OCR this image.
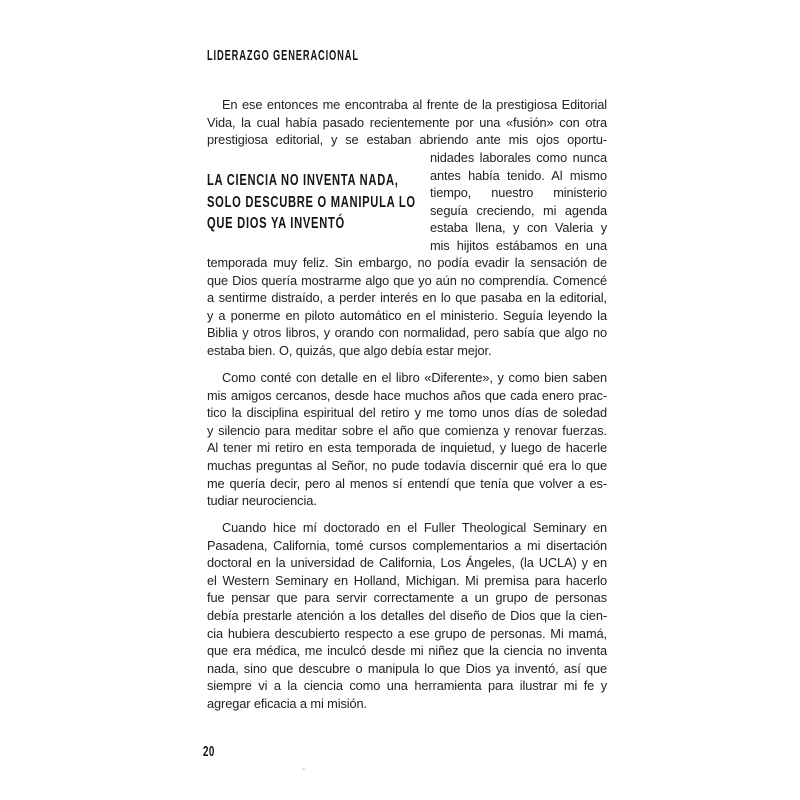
LIDERAZGO GENERACIONAL
En ese entonces me encontraba al frente de la prestigiosa Editorial
Vida, la cual había pasado recientemente por una «fusión» con otra
prestigiosa editorial, y se estaban abriendo ante mis ojos oportu-
LA CIENCIA NO INVENTA NADA,
SOLO DESCUBRE O MANIPULA LO
QUE DIOS YA INVENTÓ
nidades laborales como nunca
antes había tenido. Al mismo
tiempo, nuestro ministerio
seguía creciendo, mi agenda
estaba llena, y con Valeria y
mis hijitos estábamos en una
temporada muy feliz. Sin embargo, no podía evadir la sensación de
que Dios quería mostrarme algo que yo aún no comprendía. Comencé
a sentirme distraído, a perder interés en lo que pasaba en la editorial,
y a ponerme en piloto automático en el ministerio. Seguía leyendo la
Biblia y otros libros, y orando con normalidad, pero sabía que algo no
estaba bien. O, quizás, que algo debía estar mejor.
Como conté con detalle en el libro «Diferente», y como bien saben
mis amigos cercanos, desde hace muchos años que cada enero prac-
tico la disciplina espiritual del retiro y me tomo unos días de soledad
y silencio para meditar sobre el año que comienza y renovar fuerzas.
Al tener mi retiro en esta temporada de inquietud, y luego de hacerle
muchas preguntas al Señor, no pude todavía discernir qué era lo que
me quería decir, pero al menos sí entendí que tenía que volver a es-
tudiar neurociencia.
Cuando hice mí doctorado en el Fuller Theological Seminary en
Pasadena, California, tomé cursos complementarios a mi disertación
doctoral en la universidad de California, Los Ángeles, (la UCLA) y en
el Western Seminary en Holland, Michigan. Mi premisa para hacerlo
fue pensar que para servir correctamente a un grupo de personas
debía prestarle atención a los detalles del diseño de Dios que la cien-
cia hubiera descubierto respecto a ese grupo de personas. Mi mamá,
que era médica, me inculcó desde mi niñez que la ciencia no inventa
nada, sino que descubre o manipula lo que Dios ya inventó, así que
siempre vi a la ciencia como una herramienta para ilustrar mi fe y
agregar eficacia a mi misión.
20
